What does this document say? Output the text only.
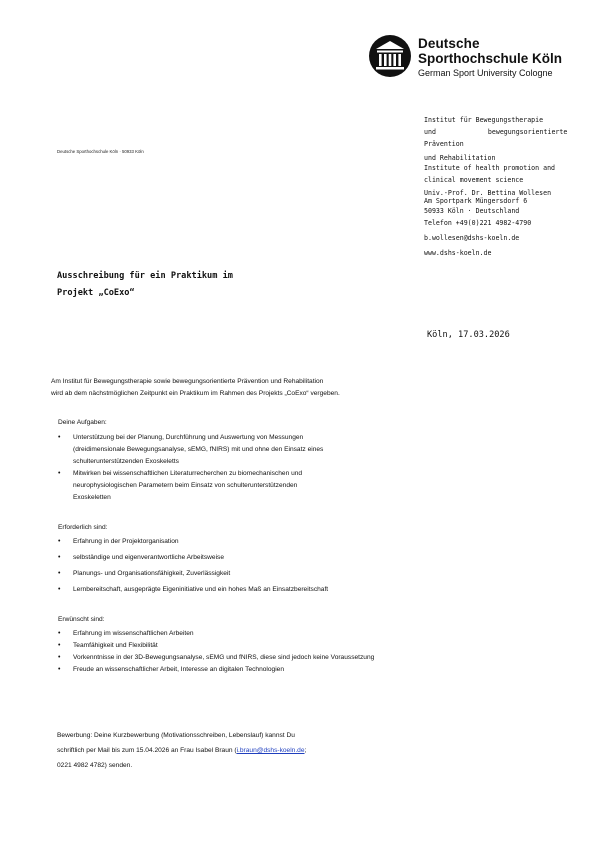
Deutsche
Sporthochschule Köln
German Sport University Cologne
Deutsche Sporthochschule Köln · 50933 Köln
Institut für Bewegungstherapie
und	bewegungsorientierte
Prävention
und Rehabilitation
Institute of health promotion and
clinical movement science
Univ.-Prof. Dr. Bettina Wollesen
Am Sportpark Müngersdorf 6
50933 Köln · Deutschland
Telefon +49(0)221 4982-4790
b.wollesen@dshs-koeln.de
www.dshs-koeln.de
Ausschreibung für ein Praktikum im
Projekt „CoExo“
Köln, 17.03.2026
Am Institut für Bewegungstherapie sowie bewegungsorientierte Prävention und Rehabilitation
wird ab dem nächstmöglichen Zeitpunkt ein Praktikum im Rahmen des Projekts „CoExo“ vergeben.
Deine Aufgaben:
• Unterstützung bei der Planung, Durchführung und Auswertung von Messungen
(dreidimensionale Bewegungsanalyse, sEMG, fNIRS) mit und ohne den Einsatz eines
schulterunterstützenden Exoskeletts
• Mitwirken bei wissenschaftlichen Literaturrecherchen zu biomechanischen und
neurophysiologischen Parametern beim Einsatz von schulterunterstützenden
Exoskeletten
Erforderlich sind:
• Erfahrung in der Projektorganisation
• selbständige und eigenverantwortliche Arbeitsweise
• Planungs- und Organisationsfähigkeit, Zuverlässigkeit
• Lernbereitschaft, ausgeprägte Eigeninitiative und ein hohes Maß an Einsatzbereitschaft
Erwünscht sind:
• Erfahrung im wissenschaftlichen Arbeiten
• Teamfähigkeit und Flexibilität
• Vorkenntnisse in der 3D-Bewegungsanalyse, sEMG und fNIRS, diese sind jedoch keine Voraussetzung
• Freude an wissenschaftlicher Arbeit, Interesse an digitalen Technologien
Bewerbung: Deine Kurzbewerbung (Motivationsschreiben, Lebenslauf) kannst Du
schriftlich per Mail bis zum 15.04.2026 an Frau Isabel Braun (i.braun@dshs-koeln.de;
0221 4982 4782) senden.
